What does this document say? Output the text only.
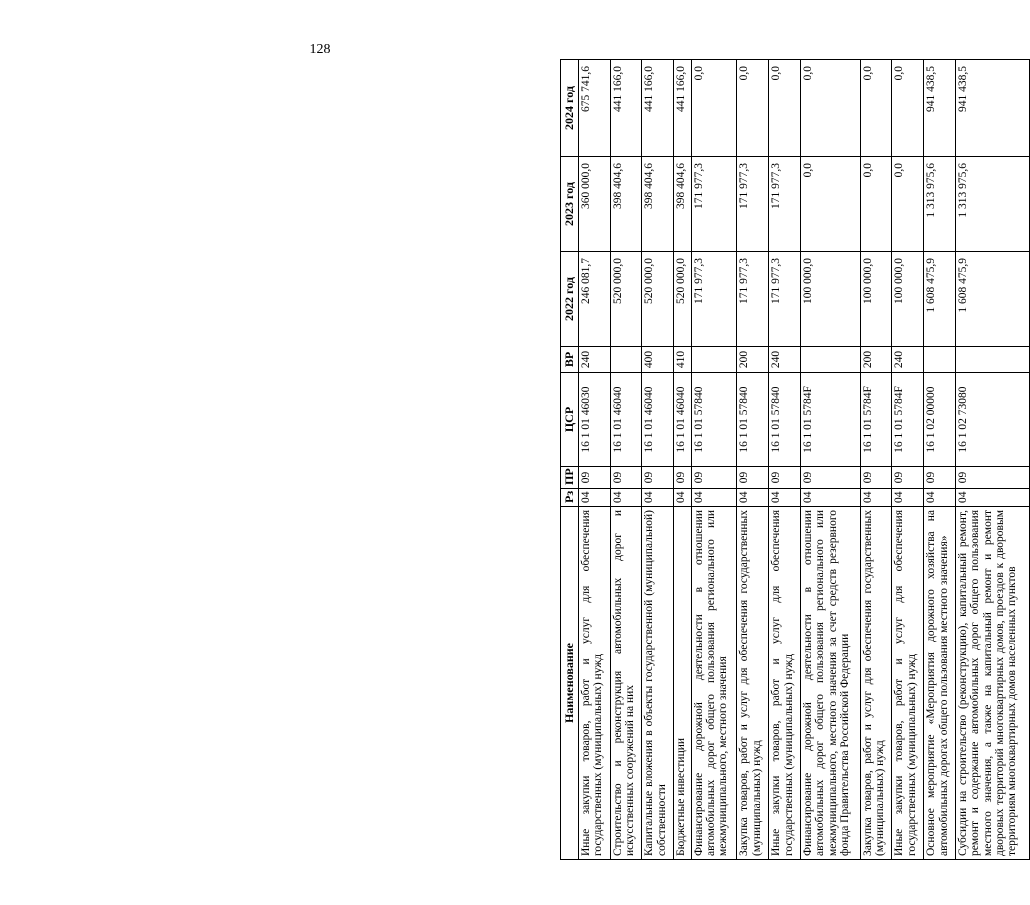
128
Наименование	Рз	ПР	ЦСР	ВР	2022 год	2023 год	2024 год
Иные закупки товаров, работ и услуг для обеспечения государственных (муниципальных) нужд	04	09	16 1 01 46030	240	246 081,7	360 000,0	675 741,6
Строительство и реконструкция автомобильных дорог и искусственных сооружений на них	04	09	16 1 01 46040		520 000,0	398 404,6	441 166,0
Капитальные вложения в объекты государственной (муниципальной) собственности	04	09	16 1 01 46040	400	520 000,0	398 404,6	441 166,0
Бюджетные инвестиции	04	09	16 1 01 46040	410	520 000,0	398 404,6	441 166,0
Финансирование дорожной деятельности в отношении автомобильных дорог общего пользования регионального или межмуниципального, местного значения	04	09	16 1 01 57840		171 977,3	171 977,3	0,0
Закупка товаров, работ и услуг для обеспечения государственных (муниципальных) нужд	04	09	16 1 01 57840	200	171 977,3	171 977,3	0,0
Иные закупки товаров, работ и услуг для обеспечения государственных (муниципальных) нужд	04	09	16 1 01 57840	240	171 977,3	171 977,3	0,0
Финансирование дорожной деятельности в отношении автомобильных дорог общего пользования регионального или межмуниципального, местного значения за счет средств резервного фонда Правительства Российской Федерации	04	09	16 1 01 5784F		100 000,0	0,0	0,0
Закупка товаров, работ и услуг для обеспечения государственных (муниципальных) нужд	04	09	16 1 01 5784F	200	100 000,0	0,0	0,0
Иные закупки товаров, работ и услуг для обеспечения государственных (муниципальных) нужд	04	09	16 1 01 5784F	240	100 000,0	0,0	0,0
Основное мероприятие «Мероприятия дорожного хозяйства на автомобильных дорогах общего пользования местного значения»	04	09	16 1 02 00000		1 608 475,9	1 313 975,6	941 438,5
Субсидии на строительство (реконструкцию), капитальный ремонт, ремонт и содержание автомобильных дорог общего пользования местного значения, а также на капитальный ремонт и ремонт дворовых территорий многоквартирных домов, проездов к дворовым территориям многоквартирных домов населенных пунктов	04	09	16 1 02 73080		1 608 475,9	1 313 975,6	941 438,5
